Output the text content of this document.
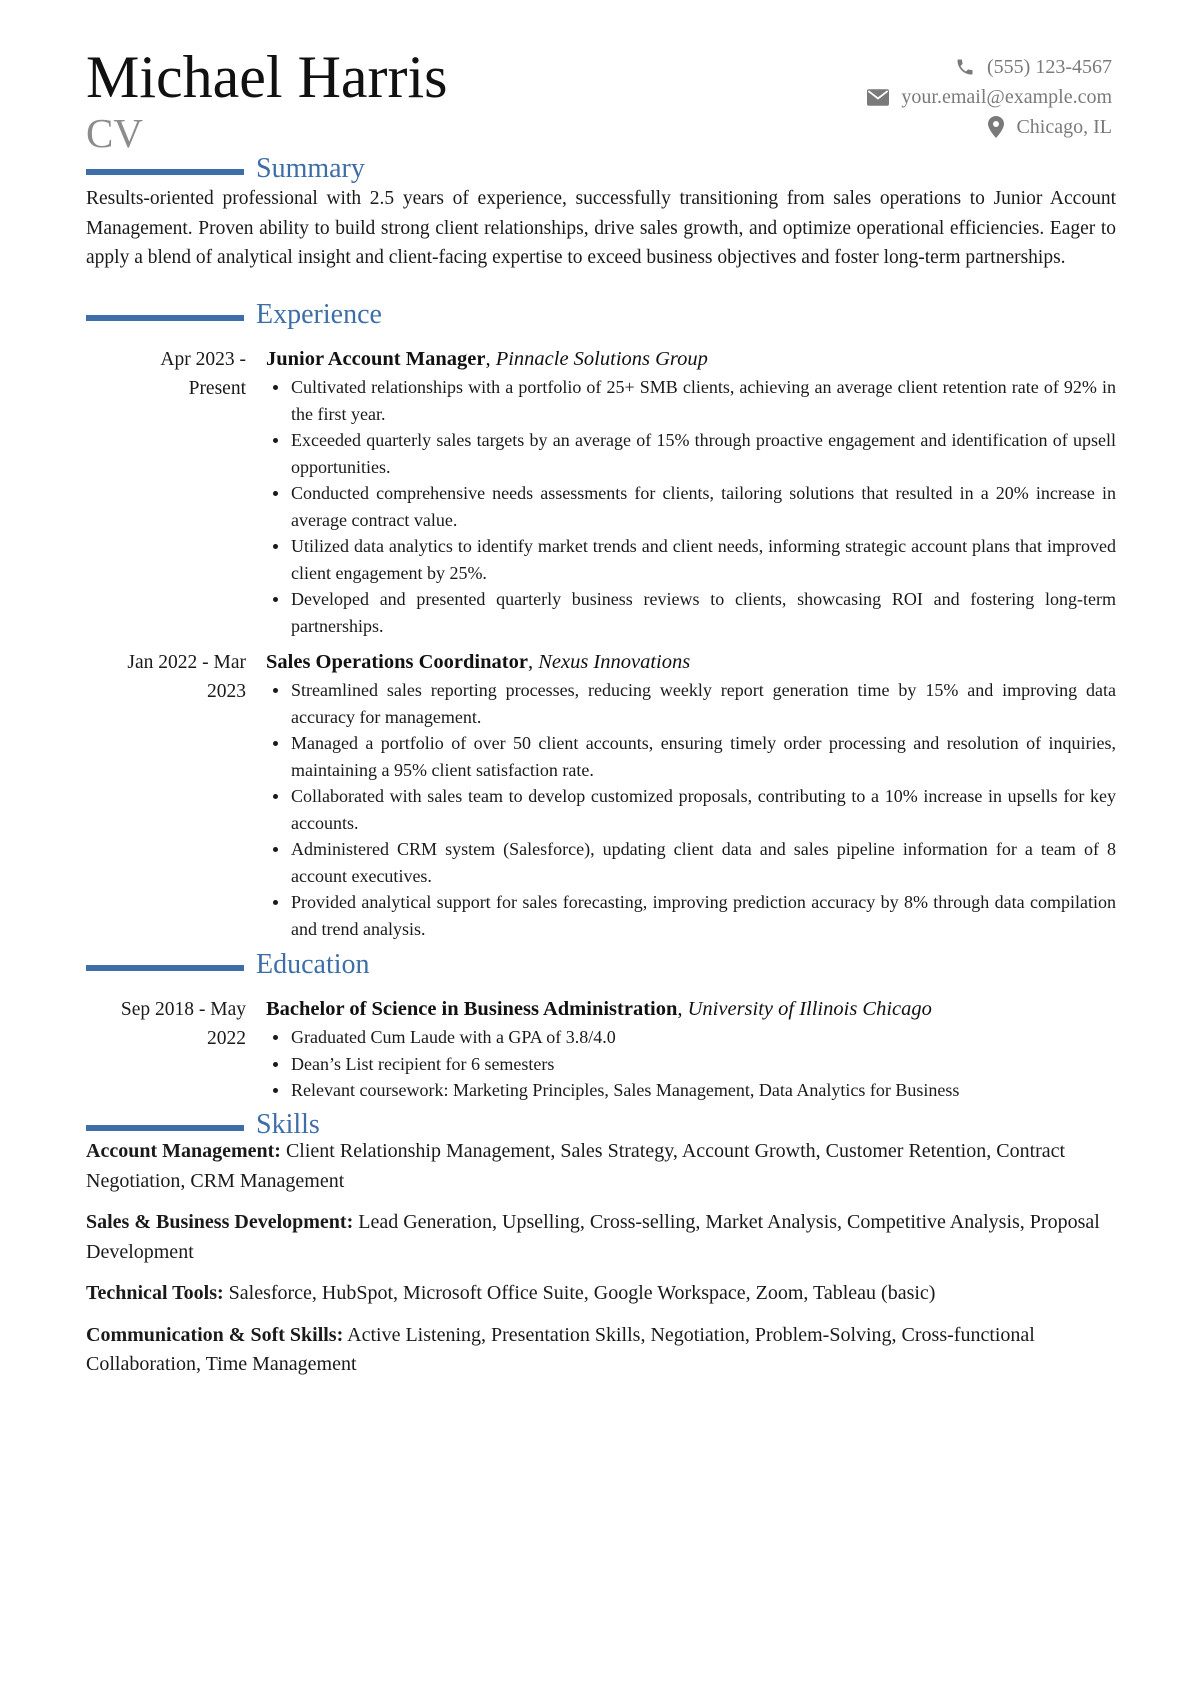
Michael Harris
CV
(555) 123-4567
your.email@example.com
Chicago, IL
Summary

Results-oriented professional with 2.5 years of experience, successfully transitioning from sales operations to Junior Account Management. Proven ability to build strong client relationships, drive sales growth, and optimize operational efficiencies. Eager to apply a blend of analytical insight and client-facing expertise to exceed business objectives and foster long-term partnerships.

Experience
Apr 2023 -
Present
Junior Account Manager, Pinnacle Solutions Group
Cultivated relationships with a portfolio of 25+ SMB clients, achieving an average client retention rate of 92% in the first year.
Exceeded quarterly sales targets by an average of 15% through proactive engagement and identification of upsell opportunities.
Conducted comprehensive needs assessments for clients, tailoring solutions that resulted in a 20% increase in average contract value.
Utilized data analytics to identify market trends and client needs, informing strategic account plans that improved client engagement by 25%.
Developed and presented quarterly business reviews to clients, showcasing ROI and fostering long-term partnerships.
Jan 2022 - Mar
2023
Sales Operations Coordinator, Nexus Innovations
Streamlined sales reporting processes, reducing weekly report generation time by 15% and improving data accuracy for management.
Managed a portfolio of over 50 client accounts, ensuring timely order processing and resolution of inquiries, maintaining a 95% client satisfaction rate.
Collaborated with sales team to develop customized proposals, contributing to a 10% increase in upsells for key accounts.
Administered CRM system (Salesforce), updating client data and sales pipeline information for a team of 8 account executives.
Provided analytical support for sales forecasting, improving prediction accuracy by 8% through data compilation and trend analysis.
Education
Sep 2018 - May
2022
Bachelor of Science in Business Administration, University of Illinois Chicago
Graduated Cum Laude with a GPA of 3.8/4.0
Dean’s List recipient for 6 semesters
Relevant coursework: Marketing Principles, Sales Management, Data Analytics for Business
Skills
Account Management: Client Relationship Management, Sales Strategy, Account Growth, Customer Retention, Contract Negotiation, CRM Management
Sales & Business Development: Lead Generation, Upselling, Cross-selling, Market Analysis, Competitive Analysis, Proposal Development
Technical Tools: Salesforce, HubSpot, Microsoft Office Suite, Google Workspace, Zoom, Tableau (basic)
Communication & Soft Skills: Active Listening, Presentation Skills, Negotiation, Problem-Solving, Cross-functional Collaboration, Time Management
